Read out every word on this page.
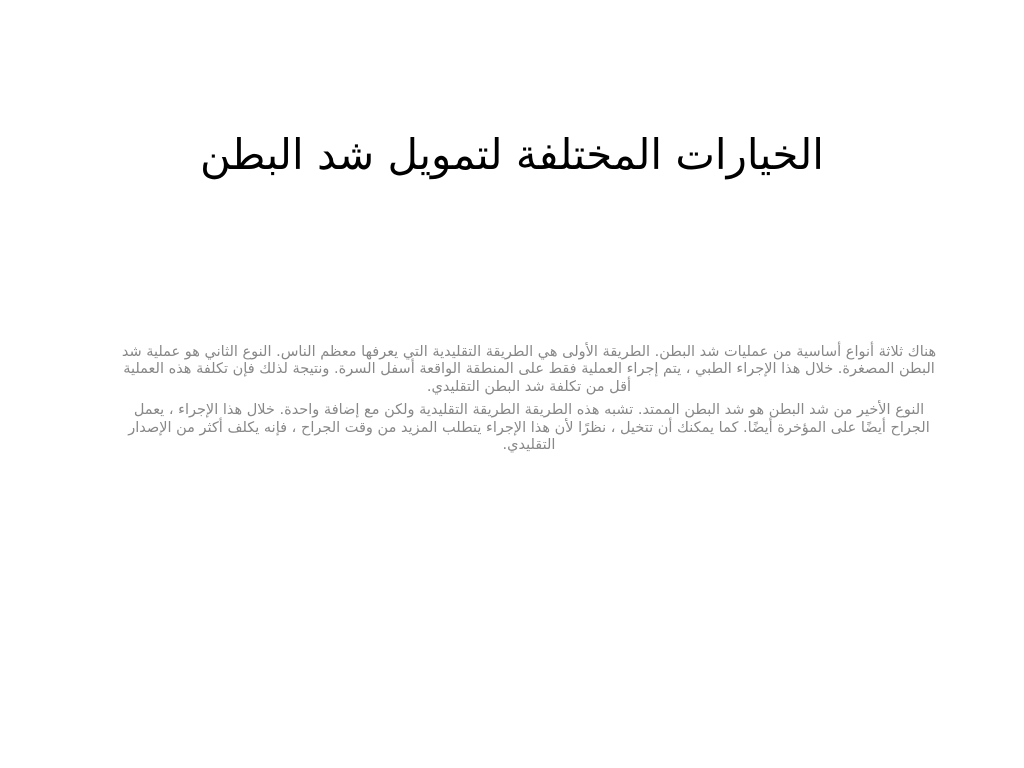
الخيارات المختلفة لتمويل شد البطن

هناك ثلاثة أنواع أساسية من عمليات شد البطن. الطريقة الأولى هي الطريقة التقليدية التي يعرفها معظم الناس. النوع الثاني هو عملية شد البطن المصغرة. خلال هذا الإجراء الطبي ، يتم إجراء العملية فقط على المنطقة الواقعة أسفل السرة. ونتيجة لذلك فإن تكلفة هذه العملية أقل من تكلفة شد البطن التقليدي.

النوع الأخير من شد البطن هو شد البطن الممتد. تشبه هذه الطريقة الطريقة التقليدية ولكن مع إضافة واحدة. خلال هذا الإجراء ، يعمل الجراح أيضًا على المؤخرة أيضًا. كما يمكنك أن تتخيل ، نظرًا لأن هذا الإجراء يتطلب المزيد من وقت الجراح ، فإنه يكلف أكثر من الإصدار التقليدي.
